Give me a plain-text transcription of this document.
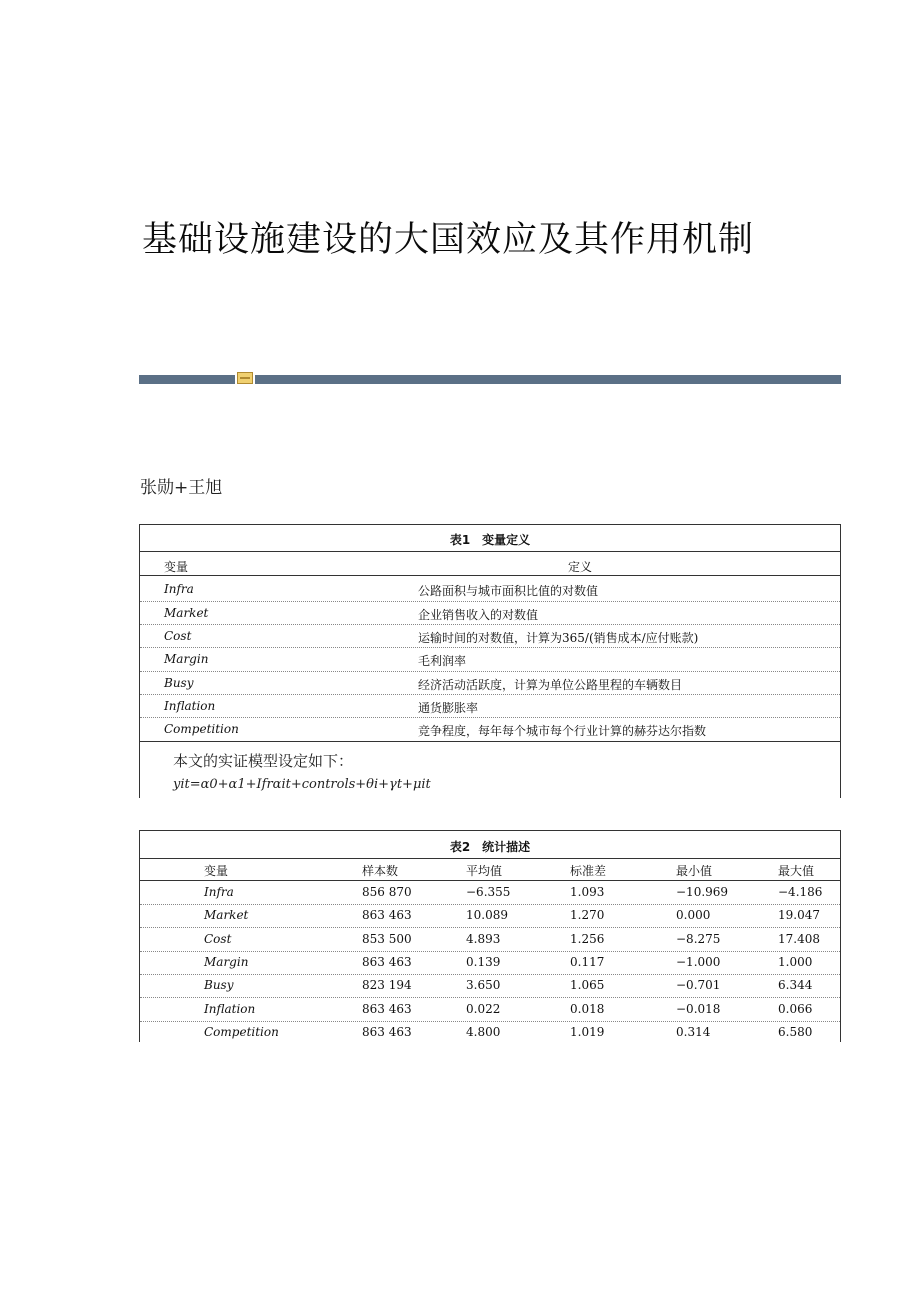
基础设施建设的大国效应及其作用机制
张勋+王旭
表1　变量定义
变量	定义
Infra	公路面积与城市面积比值的对数值
Market	企业销售收入的对数值
Cost	运输时间的对数值，计算为365/(销售成本/应付账款)
Margin	毛利润率
Busy	经济活动活跃度，计算为单位公路里程的车辆数目
Inflation	通货膨胀率
Competition	竞争程度，每年每个城市每个行业计算的赫芬达尔指数
本文的实证模型设定如下：
yit=α0+α1+Ifrαit+controls+θi+γt+μit
表2　统计描述
变量	样本数	平均值	标准差	最小值	最大值
Infra	856 870	−6.355	1.093	−10.969	−4.186
Market	863 463	10.089	1.270	0.000	19.047
Cost	853 500	4.893	1.256	−8.275	17.408
Margin	863 463	0.139	0.117	−1.000	1.000
Busy	823 194	3.650	1.065	−0.701	6.344
Inflation	863 463	0.022	0.018	−0.018	0.066
Competition	863 463	4.800	1.019	0.314	6.580
